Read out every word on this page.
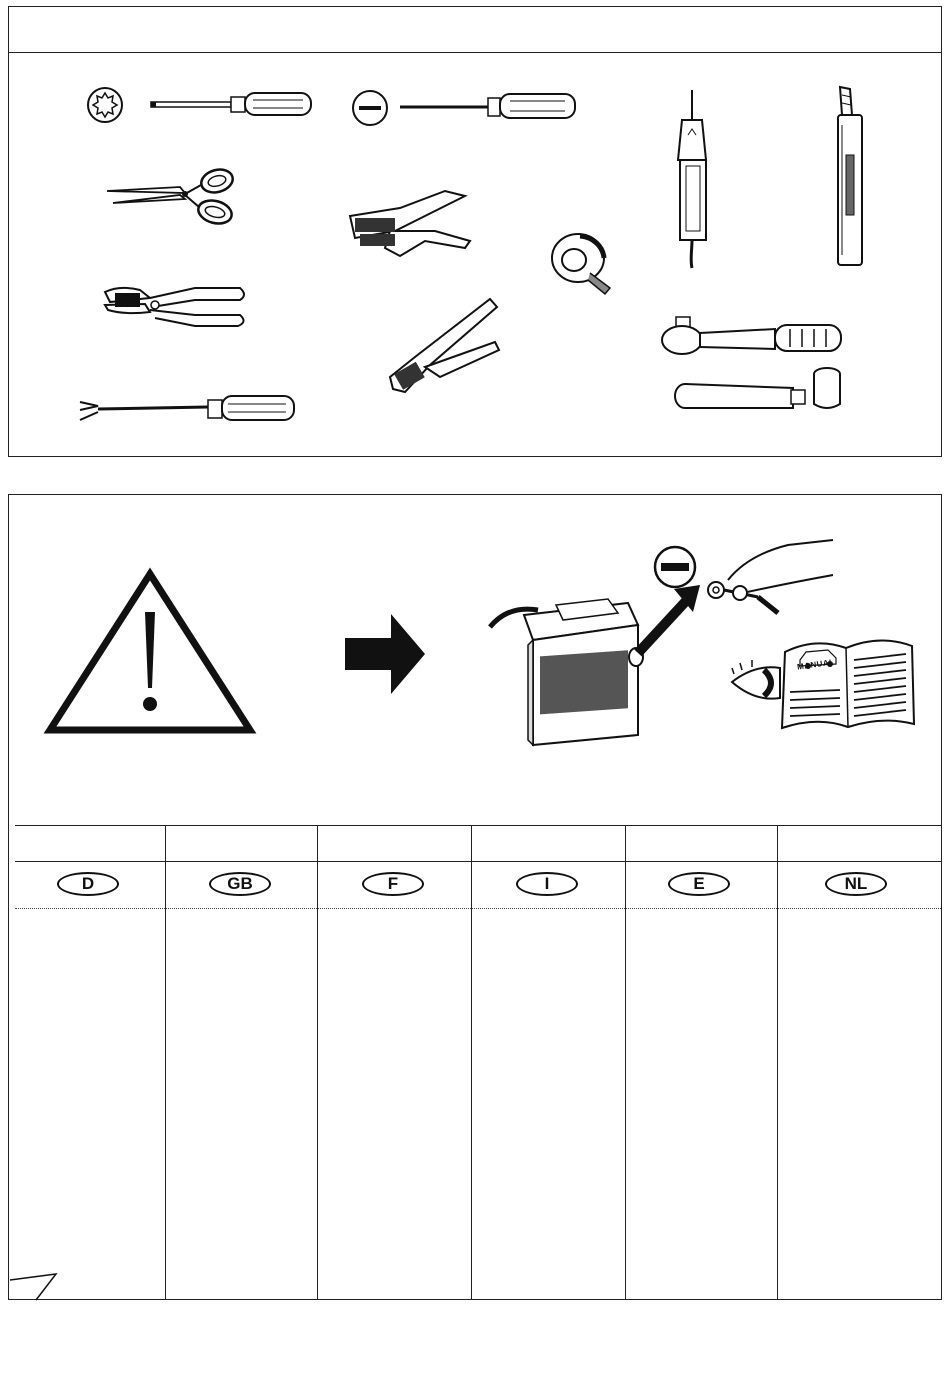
MANUAL
D	GB	F	I	E	NL
